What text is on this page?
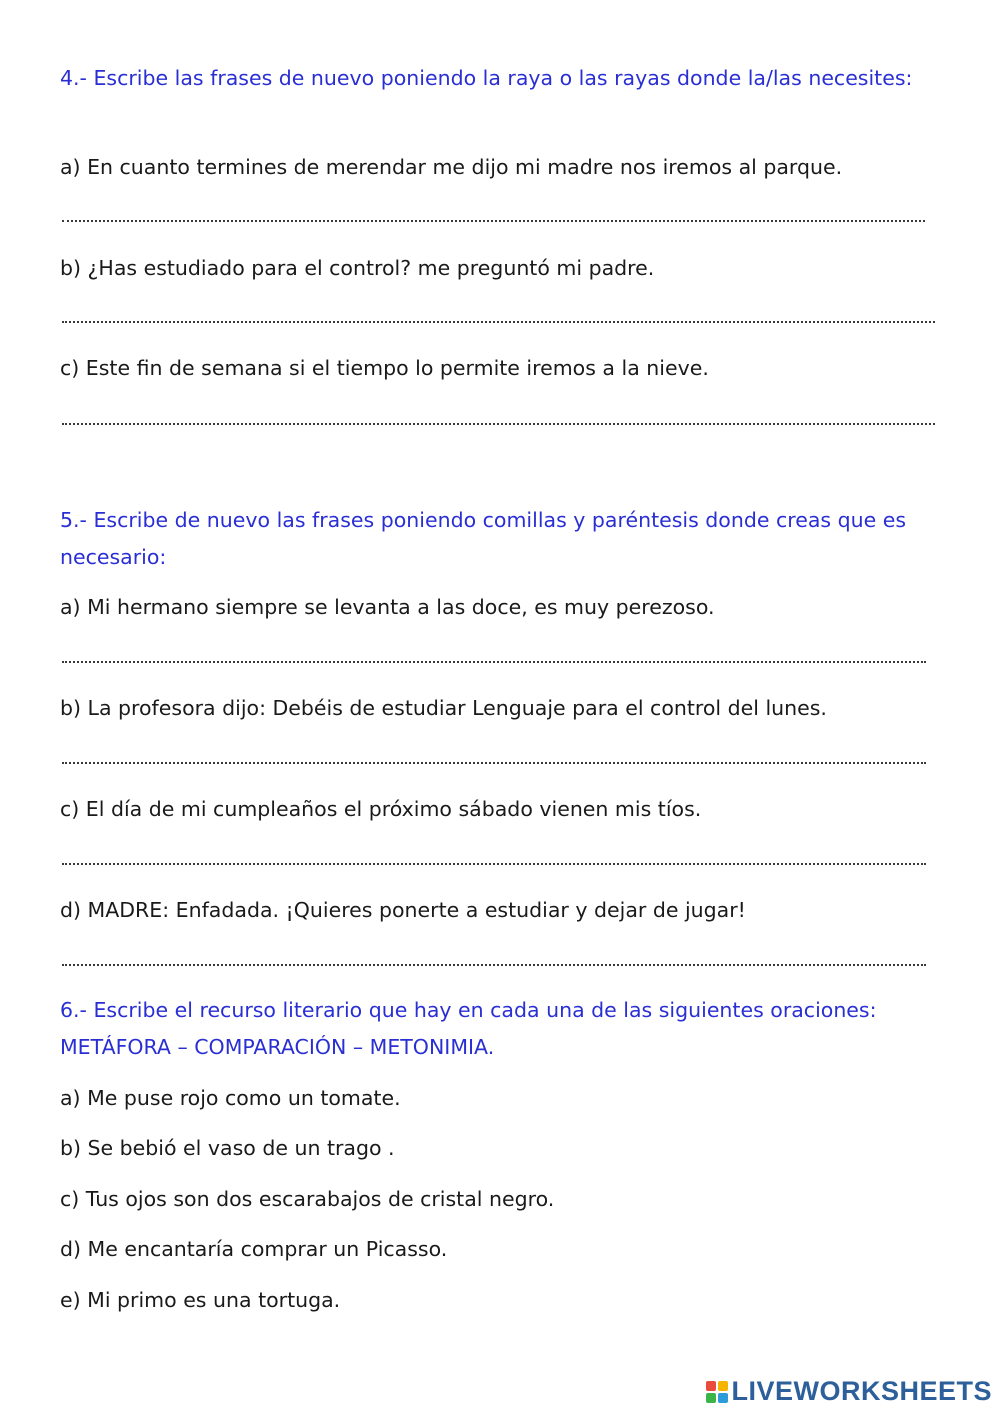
4.- Escribe las frases de nuevo poniendo la raya o las rayas donde la/las necesites:

a) En cuanto termines de merendar me dijo mi madre nos iremos al parque.

b) ¿Has estudiado para el control? me preguntó mi padre.

c) Este fin de semana si el tiempo lo permite iremos a la nieve.

5.- Escribe de nuevo las frases poniendo comillas y paréntesis donde creas que es necesario:

a) Mi hermano siempre se levanta a las doce, es muy perezoso.

b) La profesora dijo: Debéis de estudiar Lenguaje para el control del lunes.

c) El día de mi cumpleaños el próximo sábado vienen mis tíos.

d) MADRE: Enfadada. ¡Quieres ponerte a estudiar y dejar de jugar!

6.- Escribe el recurso literario que hay en cada una de las siguientes oraciones: METÁFORA – COMPARACIÓN – METONIMIA.

a) Me puse rojo como un tomate.

b) Se bebió el vaso de un trago .

c) Tus ojos son dos escarabajos de cristal negro.

d) Me encantaría comprar un Picasso.

e) Mi primo es una tortuga.

LIVEWORKSHEETS
